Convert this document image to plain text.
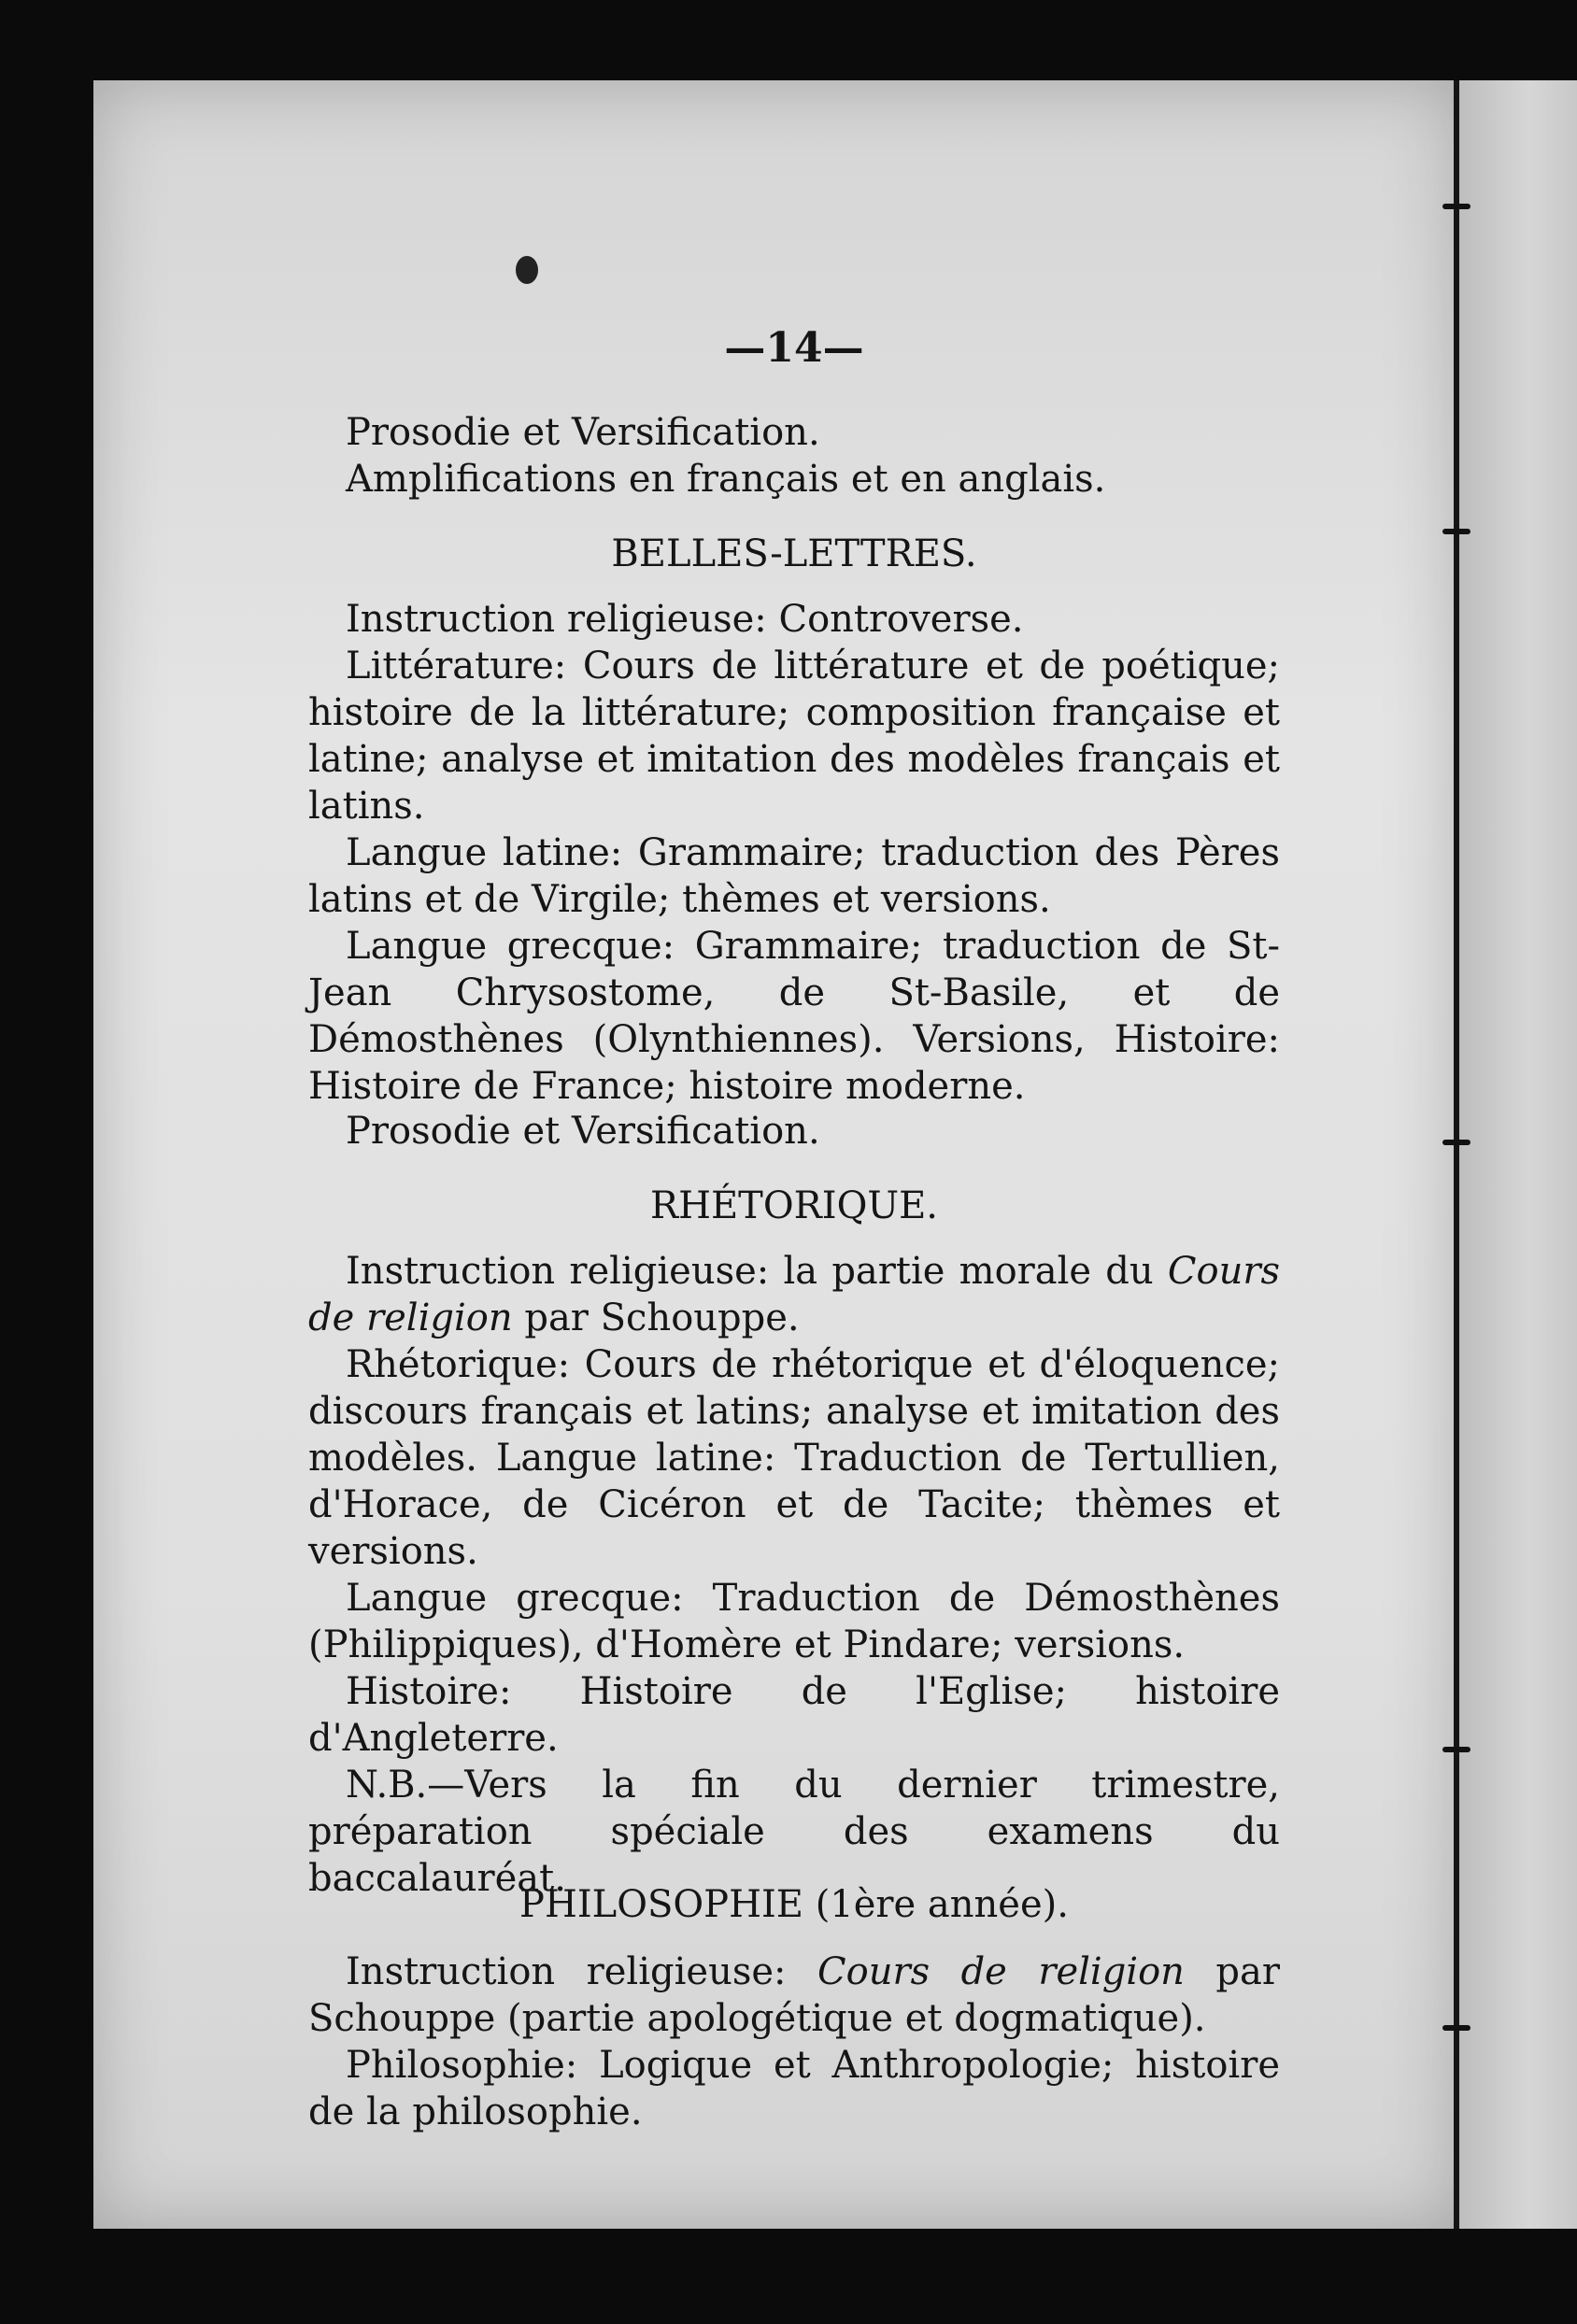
—14—
Prosodie et Versification.
Amplifications en français et en anglais.
BELLES-LETTRES.
Instruction religieuse: Controverse.
Littérature: Cours de littérature et de poétique; histoire de la littérature; composition française et latine; analyse et imitation des modèles français et latins.
Langue latine: Grammaire; traduction des Pères latins et de Virgile; thèmes et versions.
Langue grecque: Grammaire; traduction de St-Jean Chrysostome, de St-Basile, et de Démosthènes (Olynthiennes). Versions, Histoire: Histoire de France; histoire moderne.
Prosodie et Versification.
RHÉTORIQUE.
Instruction religieuse: la partie morale du Cours de religion par Schouppe.
Rhétorique: Cours de rhétorique et d'éloquence; discours français et latins; analyse et imitation des modèles. Langue latine: Traduction de Tertullien, d'Horace, de Cicéron et de Tacite; thèmes et versions.
Langue grecque: Traduction de Démosthènes (Philippiques), d'Homère et Pindare; versions.
Histoire: Histoire de l'Eglise; histoire d'Angleterre.
N.B.—Vers la fin du dernier trimestre, préparation spéciale des examens du baccalauréat.
PHILOSOPHIE (1ère année).
Instruction religieuse: Cours de religion par Schouppe (partie apologétique et dogmatique).
Philosophie: Logique et Anthropologie; histoire de la philosophie.
